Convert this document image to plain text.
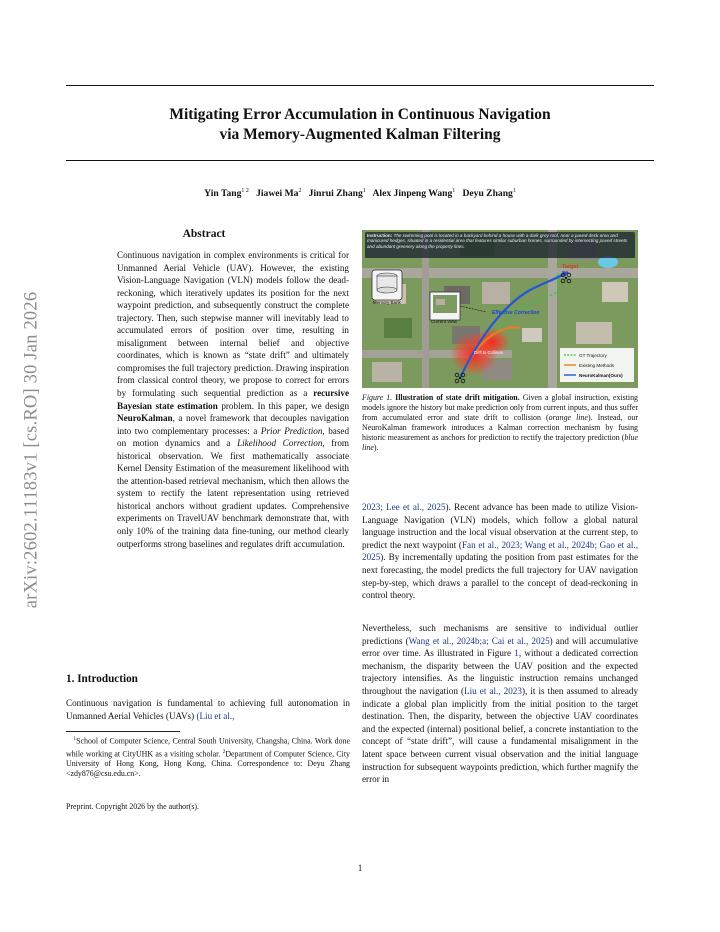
arXiv:2602.11183v1 [cs.RO] 30 Jan 2026
Mitigating Error Accumulation in Continuous Navigation
via Memory-Augmented Kalman Filtering
Yin Tang$^{1 2}$ Jiawei Ma$^2$ Jinrui Zhang$^1$ Alex Jinpeng Wang$^1$ Deyu Zhang$^1$
Abstract
Continuous navigation in complex environments is critical for Unmanned Aerial Vehicle (UAV). However, the existing Vision-Language Navigation (VLN) models follow the dead-reckoning, which iteratively updates its position for the next waypoint prediction, and subsequently construct the complete trajectory. Then, such stepwise manner will inevitably lead to accumulated errors of position over time, resulting in misalignment between internal belief and objective coordinates, which is known as “state drift” and ultimately compromises the full trajectory prediction. Drawing inspiration from classical control theory, we propose to correct for errors by formulating such sequential prediction as a recursive Bayesian state estimation problem. In this paper, we design NeuroKalman, a novel framework that decouples navigation into two complementary processes: a Prior Prediction, based on motion dynamics and a Likelihood Correction, from historical observation. We first mathematically associate Kernel Density Estimation of the measurement likelihood with the attention-based retrieval mechanism, which then allows the system to rectify the latent representation using retrieved historical anchors without gradient updates. Comprehensive experiments on TravelUAV benchmark demonstrate that, with only 10% of the training data fine-tuning, our method clearly outperforms strong baselines and regulates drift accumulation.
1. Introduction
Continuous navigation is fundamental to achieving full autonomation in Unmanned Aerial Vehicles (UAVs) (Liu et al.,
$^1$School of Computer Science, Central South University, Changsha, China. Work done while working at CityUHK as a visiting scholar. $^2$Department of Computer Science, City University of Hong Kong, Hong Kong, China. Correspondence to: Deyu Zhang <zdy876@csu.edu.cn>.
Preprint. Copyright 2026 by the author(s).
Instruction: The swimming pool is located in a backyard behind a house with a dark grey roof, near a paved deck area and manicured hedges, situated in a residential area that features similar suburban homes, surrounded by intersecting paved streets and abundant greenery along the property lines.
Target
Effective Correction
Drift to Collision
Memory Bank
Current View
GT Trajectory
Existing Methods
NeuroKalman(Ours)
Figure 1. Illustration of state drift mitigation. Given a global instruction, existing models ignore the history but make prediction only from current inputs, and thus suffer from accumulated error and state drift to collision (orange line). Instead, our NeuroKalman framework introduces a Kalman correction mechanism by fusing historic measurement as anchors for prediction to rectify the trajectory prediction (blue line).
2023; Lee et al., 2025). Recent advance has been made to utilize Vision-Language Navigation (VLN) models, which follow a global natural language instruction and the local visual observation at the current step, to predict the next waypoint (Fan et al., 2023; Wang et al., 2024b; Gao et al., 2025). By incrementally updating the position from past estimates for the next forecasting, the model predicts the full trajectory for UAV navigation step-by-step, which draws a parallel to the concept of dead-reckoning in control theory.
Nevertheless, such mechanisms are sensitive to individual outlier predictions (Wang et al., 2024b;a; Cai et al., 2025) and will accumulative error over time. As illustrated in Figure 1, without a dedicated correction mechanism, the disparity between the UAV position and the expected trajectory intensifies. As the linguistic instruction remains unchanged throughout the navigation (Liu et al., 2023), it is then assumed to already indicate a global plan implicitly from the initial position to the target destination. Then, the disparity, between the objective UAV coordinates and the expected (internal) positional belief, a concrete instantiation to the concept of “state drift”, will cause a fundamental misalignment in the latent space between current visual observation and the initial language instruction for subsequent waypoints prediction, which further magnify the error in
1
